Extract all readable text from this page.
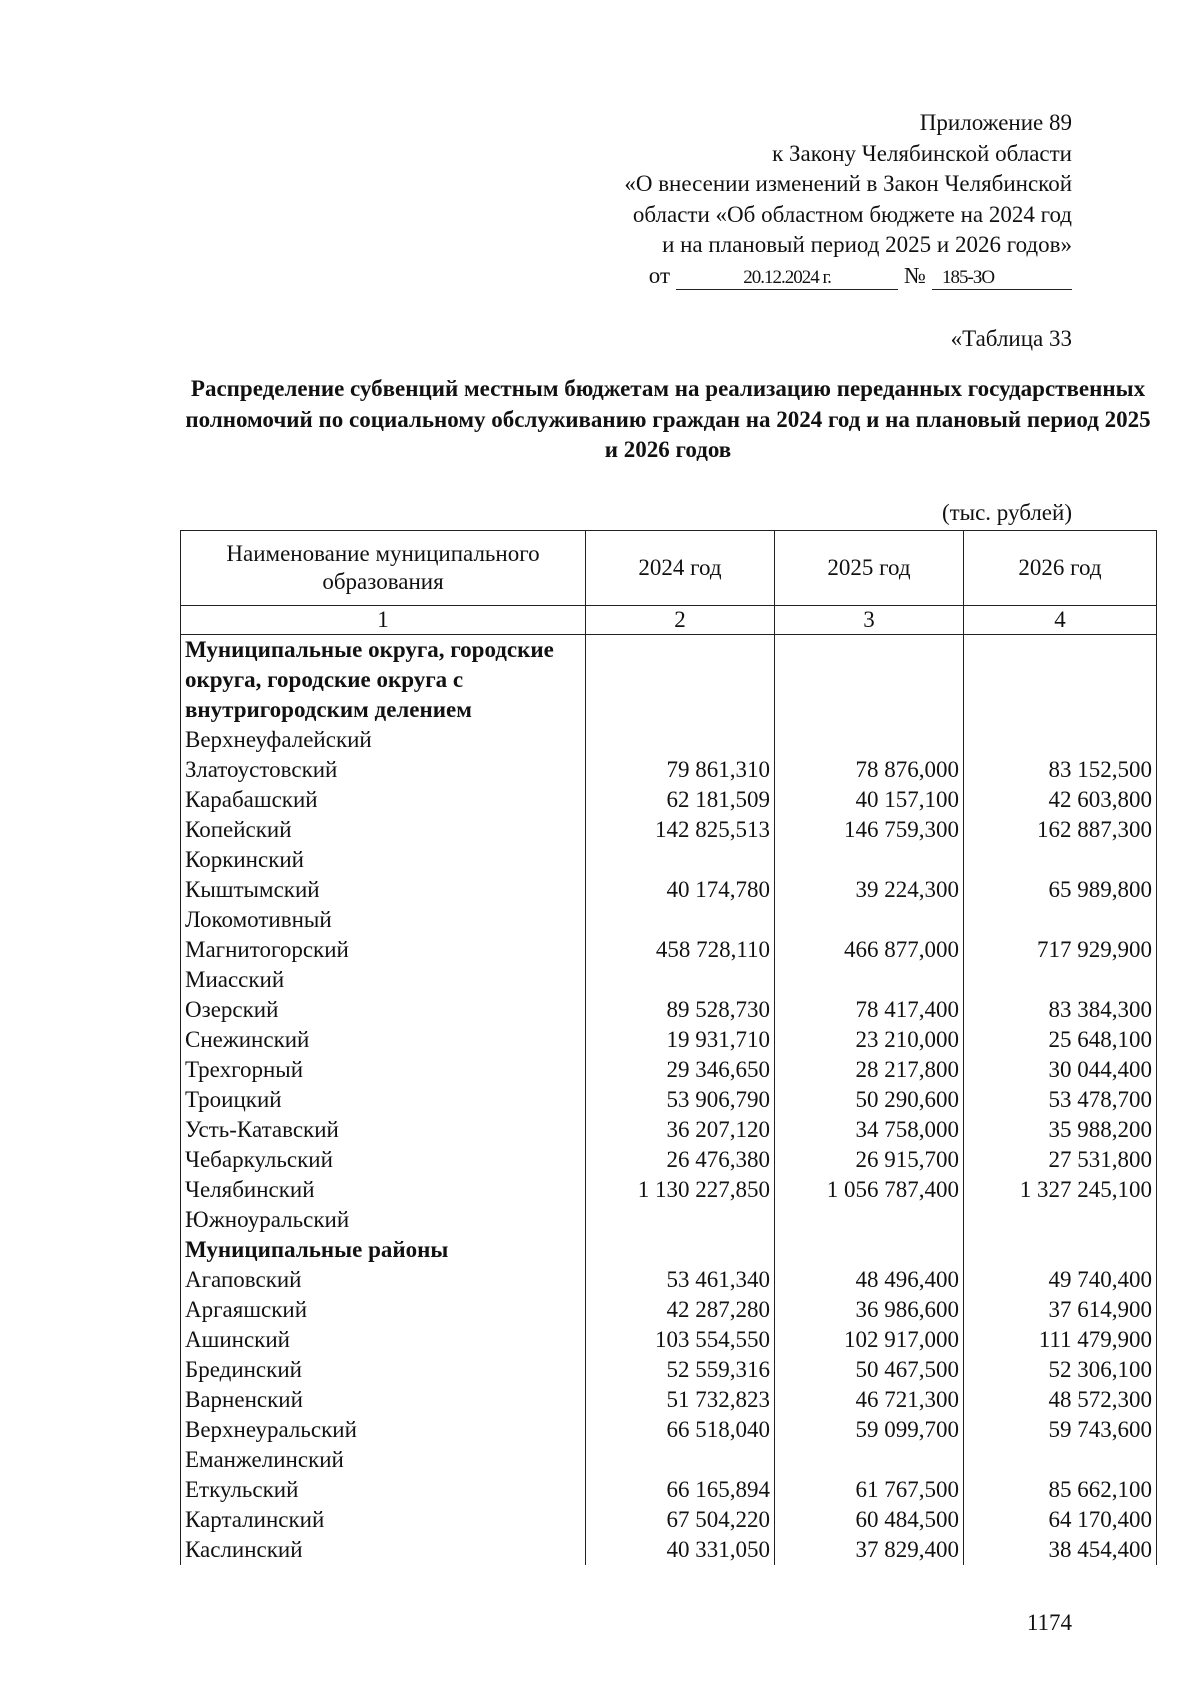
Приложение 89
к Закону Челябинской области
«О внесении изменений в Закон Челябинской
области «Об областном бюджете на 2024 год
и на плановый период 2025 и 2026 годов»
от	20.12.2024 г.	№ 185-ЗО
«Таблица 33
Распределение субвенций местным бюджетам на реализацию переданных государственных полномочий по социальному обслуживанию граждан на 2024 год и на плановый период 2025 и 2026 годов
(тыс. рублей)
Наименование муниципального образования	2024 год	2025 год	2026 год
1	2	3	4
Муниципальные округа, городские округа, городские округа с внутригородским делением			
Верхнеуфалейский			
Златоустовский	79 861,310	78 876,000	83 152,500
Карабашский	62 181,509	40 157,100	42 603,800
Копейский	142 825,513	146 759,300	162 887,300
Коркинский			
Кыштымский	40 174,780	39 224,300	65 989,800
Локомотивный			
Магнитогорский	458 728,110	466 877,000	717 929,900
Миасский			
Озерский	89 528,730	78 417,400	83 384,300
Снежинский	19 931,710	23 210,000	25 648,100
Трехгорный	29 346,650	28 217,800	30 044,400
Троицкий	53 906,790	50 290,600	53 478,700
Усть-Катавский	36 207,120	34 758,000	35 988,200
Чебаркульский	26 476,380	26 915,700	27 531,800
Челябинский	1 130 227,850	1 056 787,400	1 327 245,100
Южноуральский			
Муниципальные районы			
Агаповский	53 461,340	48 496,400	49 740,400
Аргаяшский	42 287,280	36 986,600	37 614,900
Ашинский	103 554,550	102 917,000	111 479,900
Брединский	52 559,316	50 467,500	52 306,100
Варненский	51 732,823	46 721,300	48 572,300
Верхнеуральский	66 518,040	59 099,700	59 743,600
Еманжелинский			
Еткульский	66 165,894	61 767,500	85 662,100
Карталинский	67 504,220	60 484,500	64 170,400
Каслинский	40 331,050	37 829,400	38 454,400
1174
